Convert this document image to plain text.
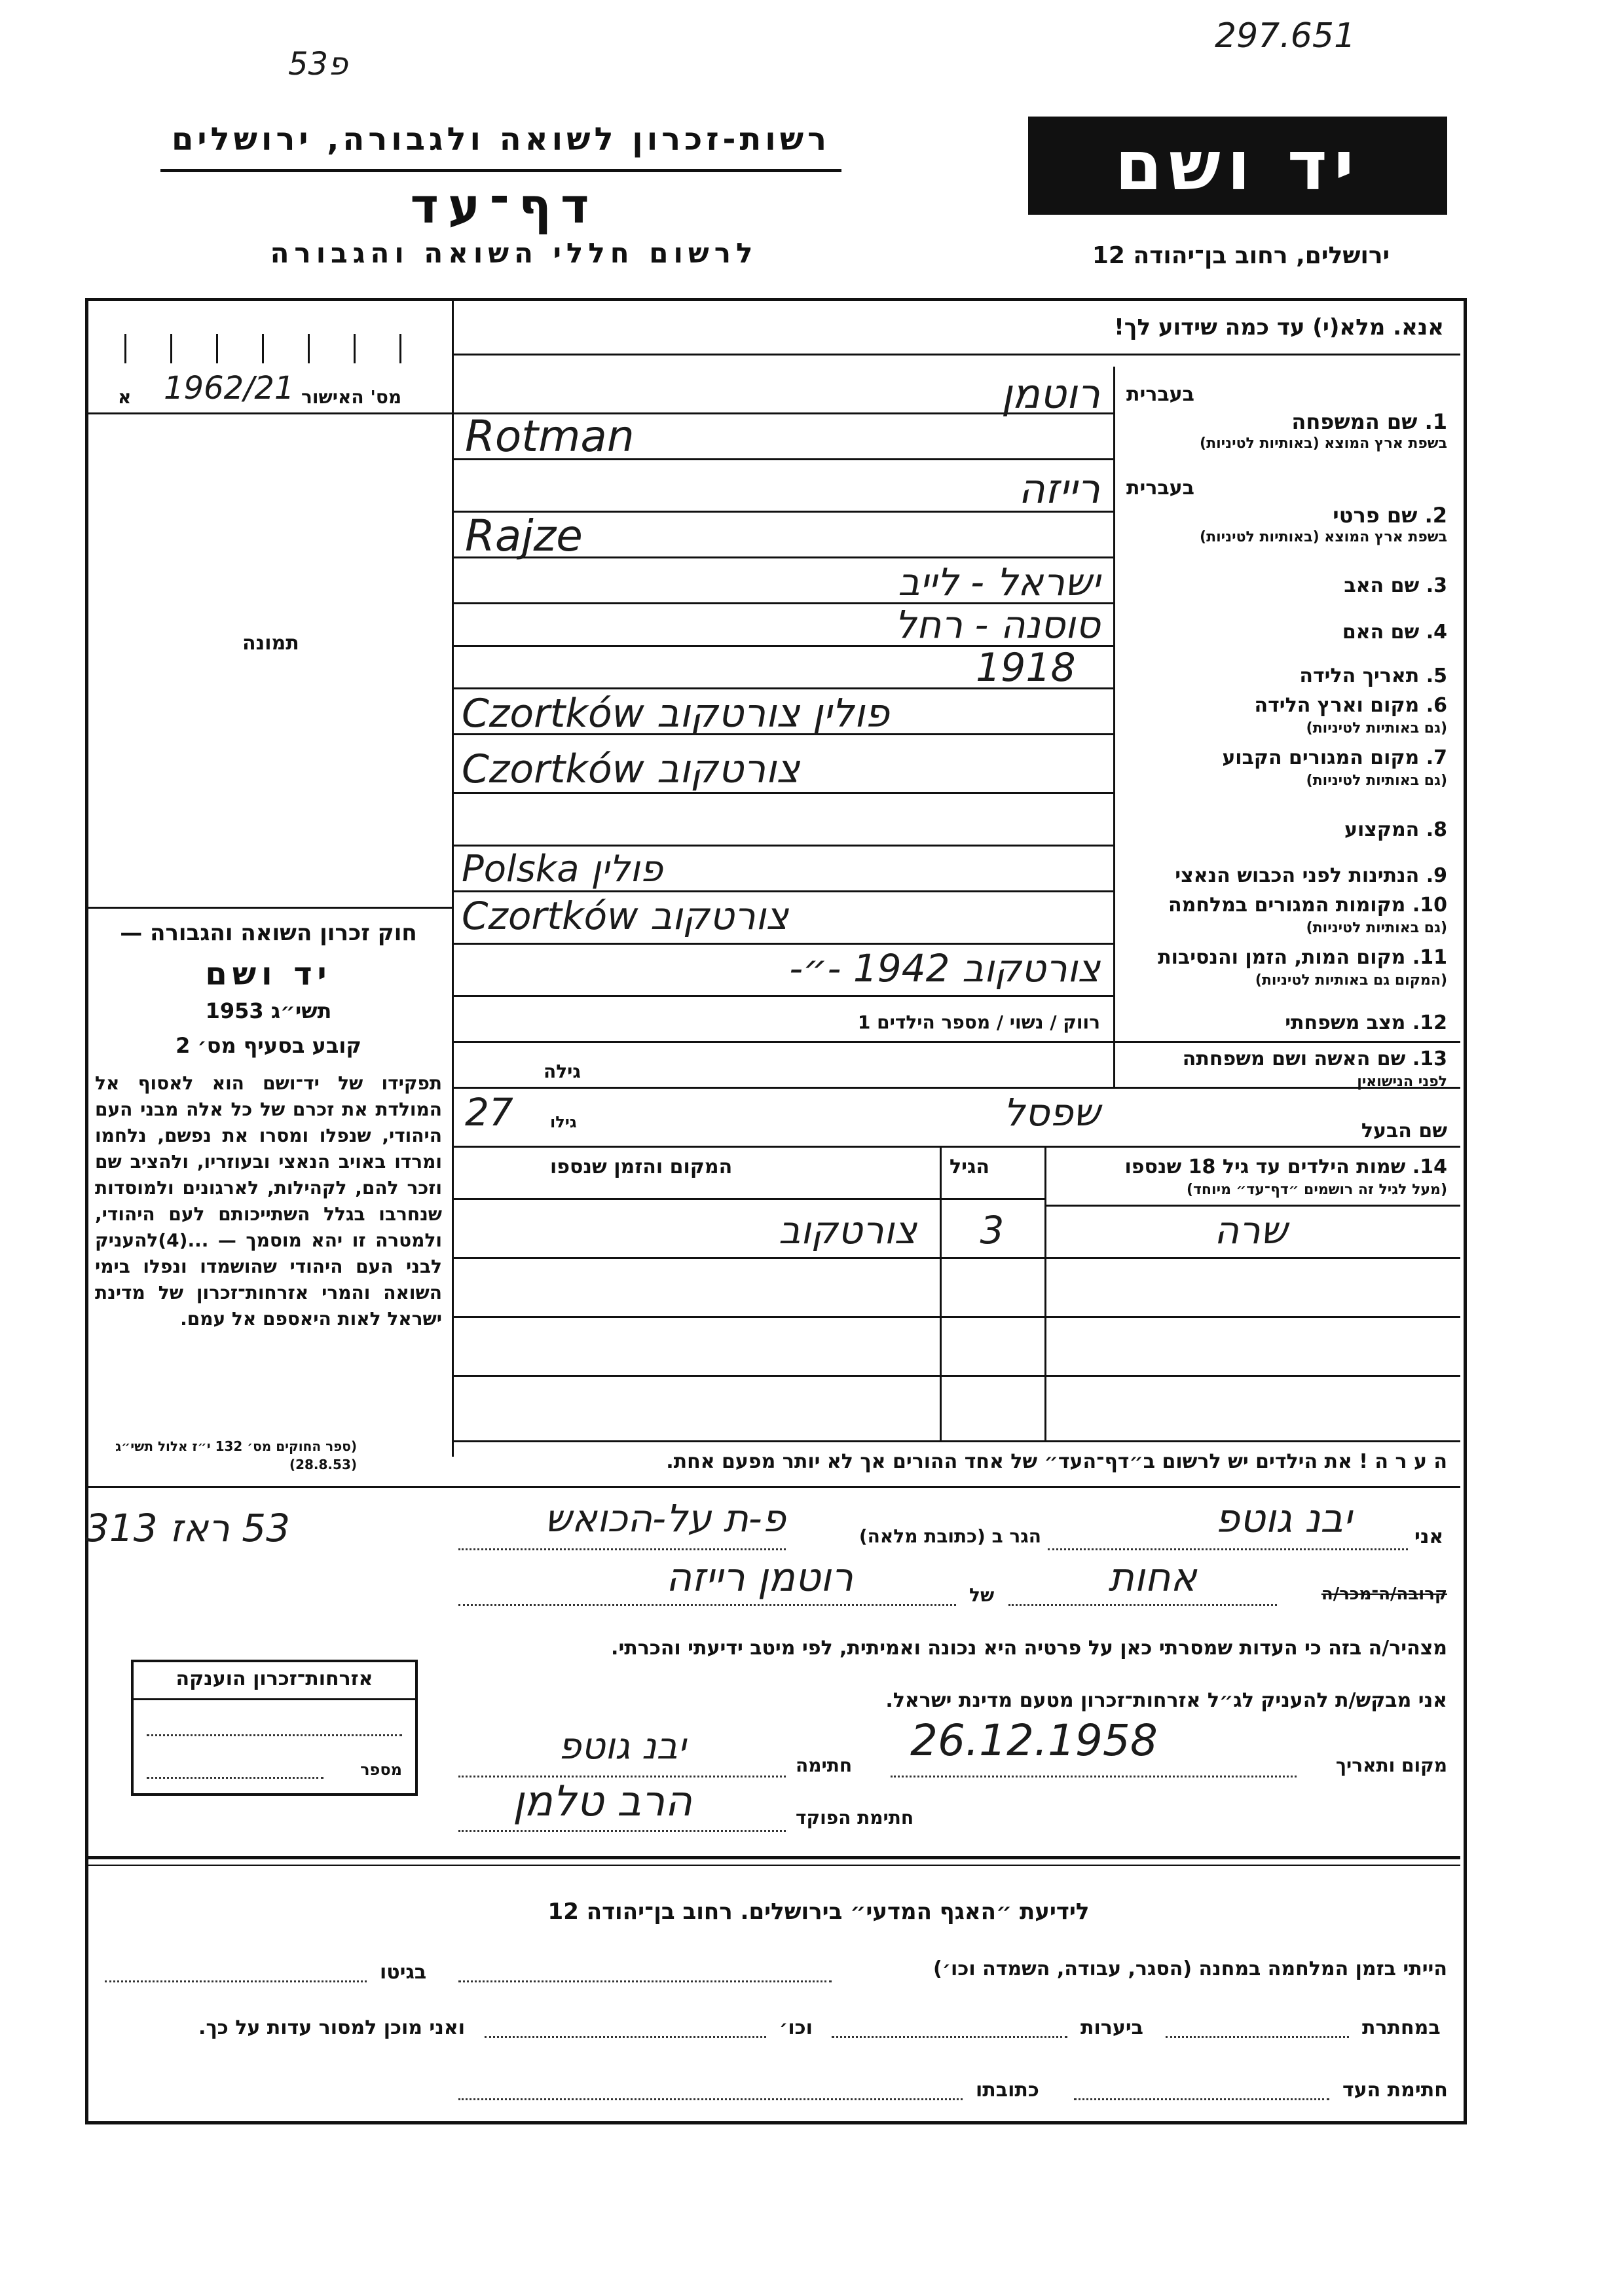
53פ
297.651
רשות-זכרון לשואה ולגבורה, ירושלים
דף־עד
לרשום חללי השואה והגבורה
יד ושם
ירושלים, רחוב בן־יהודה 12
אנא. מלא(י) עד כמה שידוע לך!
1962/21 מס' האישור
א
תמונה
חוק זכרון השואה והגבורה —
יד ושם
תשי״ג 1953
קובע בסעיף מס׳ 2
תפקידו של יד־ושם הוא לאסוף אל המולדת את זכרם של כל אלה מבני העם היהודי, שנפלו ומסרו את נפשם, נלחמו ומרדו באויב הנאצי ובעוזריו, ולהציב שם וזכר להם, לקהילות, לארגונים ולמוסדות שנחרבו בגלל השתייכותם לעם היהודי, ולמטרה זו יהא מוסמך — ...(4)להעניק לבני העם היהודי שהושמדו ונפלו בימי השואה והמרי אזרחות־זכרון של מדינת ישראל לאות היאספם אל עמם.
(ספר החוקים מס׳ 132 י״ז אלול תשי״ג (28.8.53)
בעברית
1. שם המשפחה
בשפת ארץ המוצא (באותיות לטיניות)
בעברית
2. שם פרטי
בשפת ארץ המוצא (באותיות לטיניות)
3. שם האב
4. שם האם
5. תאריך הלידה
6. מקום וארץ הלידה
(גם באותיות לטיניות)
7. מקום המגורים הקבוע
(גם באותיות לטיניות)
8. המקצוע
9. הנתינות לפני הכבוש הנאצי
10. מקומות המגורים במלחמה
(גם באותיות לטיניות)
11. מקום המות, הזמן והנסיבות
(המקום גם באותיות לטיניות)
12. מצב משפחתי
13. שם האשה ושם משפחתה
לפני הנישואין
שם הבעל
רוטמן
Rotman
רייזה
Rajze
ישראל - לייב
סוסנה - רחל
1918
Czortków פולין צורטקוב
Czortków צורטקוב
Polska פולין
Czortków צורטקוב
צורטקוב 1942 -״-
רווק / נשוי / מספר הילדים 1
גילה
שפסל
27 גילו
14. שמות הילדים עד גיל 18 שנספו
(מעל לגיל זה רושמים ״דף־עד״ מיוחד)
הגיל
המקום והזמן שנספו
שרה
3
צורטקוב
ה ע ר ה ! את הילדים יש לרשום ב״דף־העד״ של אחד ההורים אך לא יותר מפעם אחת.
53 ראז 313	אני
יבנ גוטפ
הגר ב (כתובת מלאה)
פ-ת על-הכואש
קרובה/ה־מכר/ה
אחות
של
רוטמן רייזה
מצהיר/ה בזה כי העדות שמסרתי כאן על פרטיה היא נכונה ואמיתית, לפי מיטב ידיעתי והכרתי.
אני מבקש/ת להעניק לג״ל אזרחות־זכרון מטעם מדינת ישראל.
מקום ותאריך
26.12.1958
חתימה
יבנ גוטפ
חתימת הפוקד
הרב טלמן
אזרחות־זכרון הוענקה
מספר
לידיעת ״האגף המדעי״ בירושלים. רחוב בן־יהודה 12
הייתי בזמן המלחמה במחנה (הסגר, עבודה, השמדה וכו׳)
בגיטו
במחתרת
ביערות
וכו׳
ואני מוכן למסור עדות על כך.
חתימת העד
כתובתו
